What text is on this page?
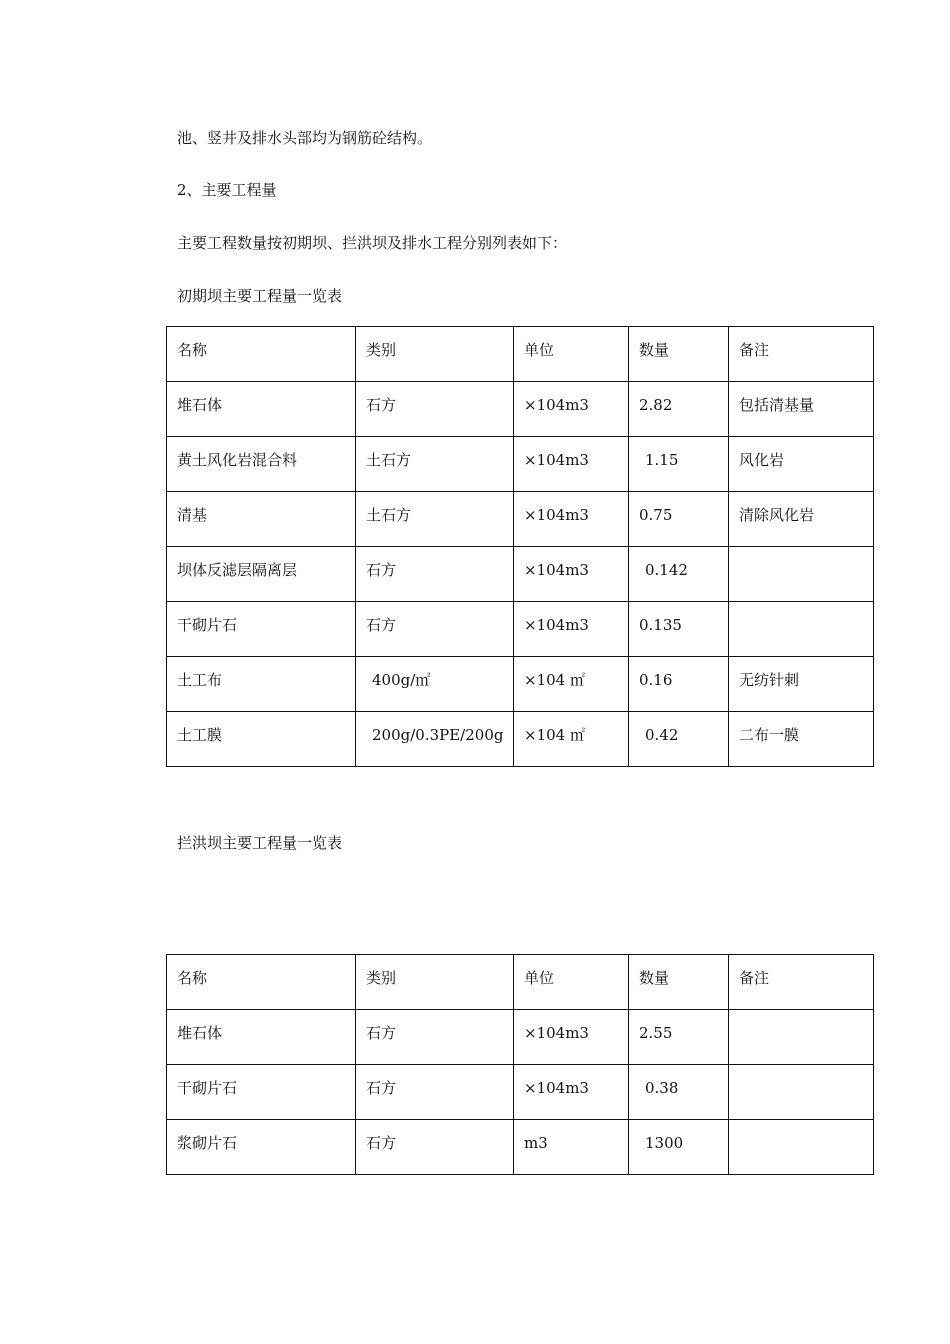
池、竖井及排水头部均为钢筋砼结构。
2、主要工程量
主要工程数量按初期坝、拦洪坝及排水工程分别列表如下：
初期坝主要工程量一览表
名称	类别	单位	数量	备注
堆石体	石方	×104m3	2.82	包括清基量
黄土风化岩混合料	土石方	×104m3	1.15	风化岩
清基	土石方	×104m3	0.75	清除风化岩
坝体反滤层隔离层	石方	×104m3	0.142	
干砌片石	石方	×104m3	0.135	
土工布	400g/㎡	×104 ㎡	0.16	无纺针刺
土工膜	200g/0.3PE/200g	×104 ㎡	0.42	二布一膜
拦洪坝主要工程量一览表
名称	类别	单位	数量	备注
堆石体	石方	×104m3	2.55	
干砌片石	石方	×104m3	0.38	
浆砌片石	石方	m3	1300	
